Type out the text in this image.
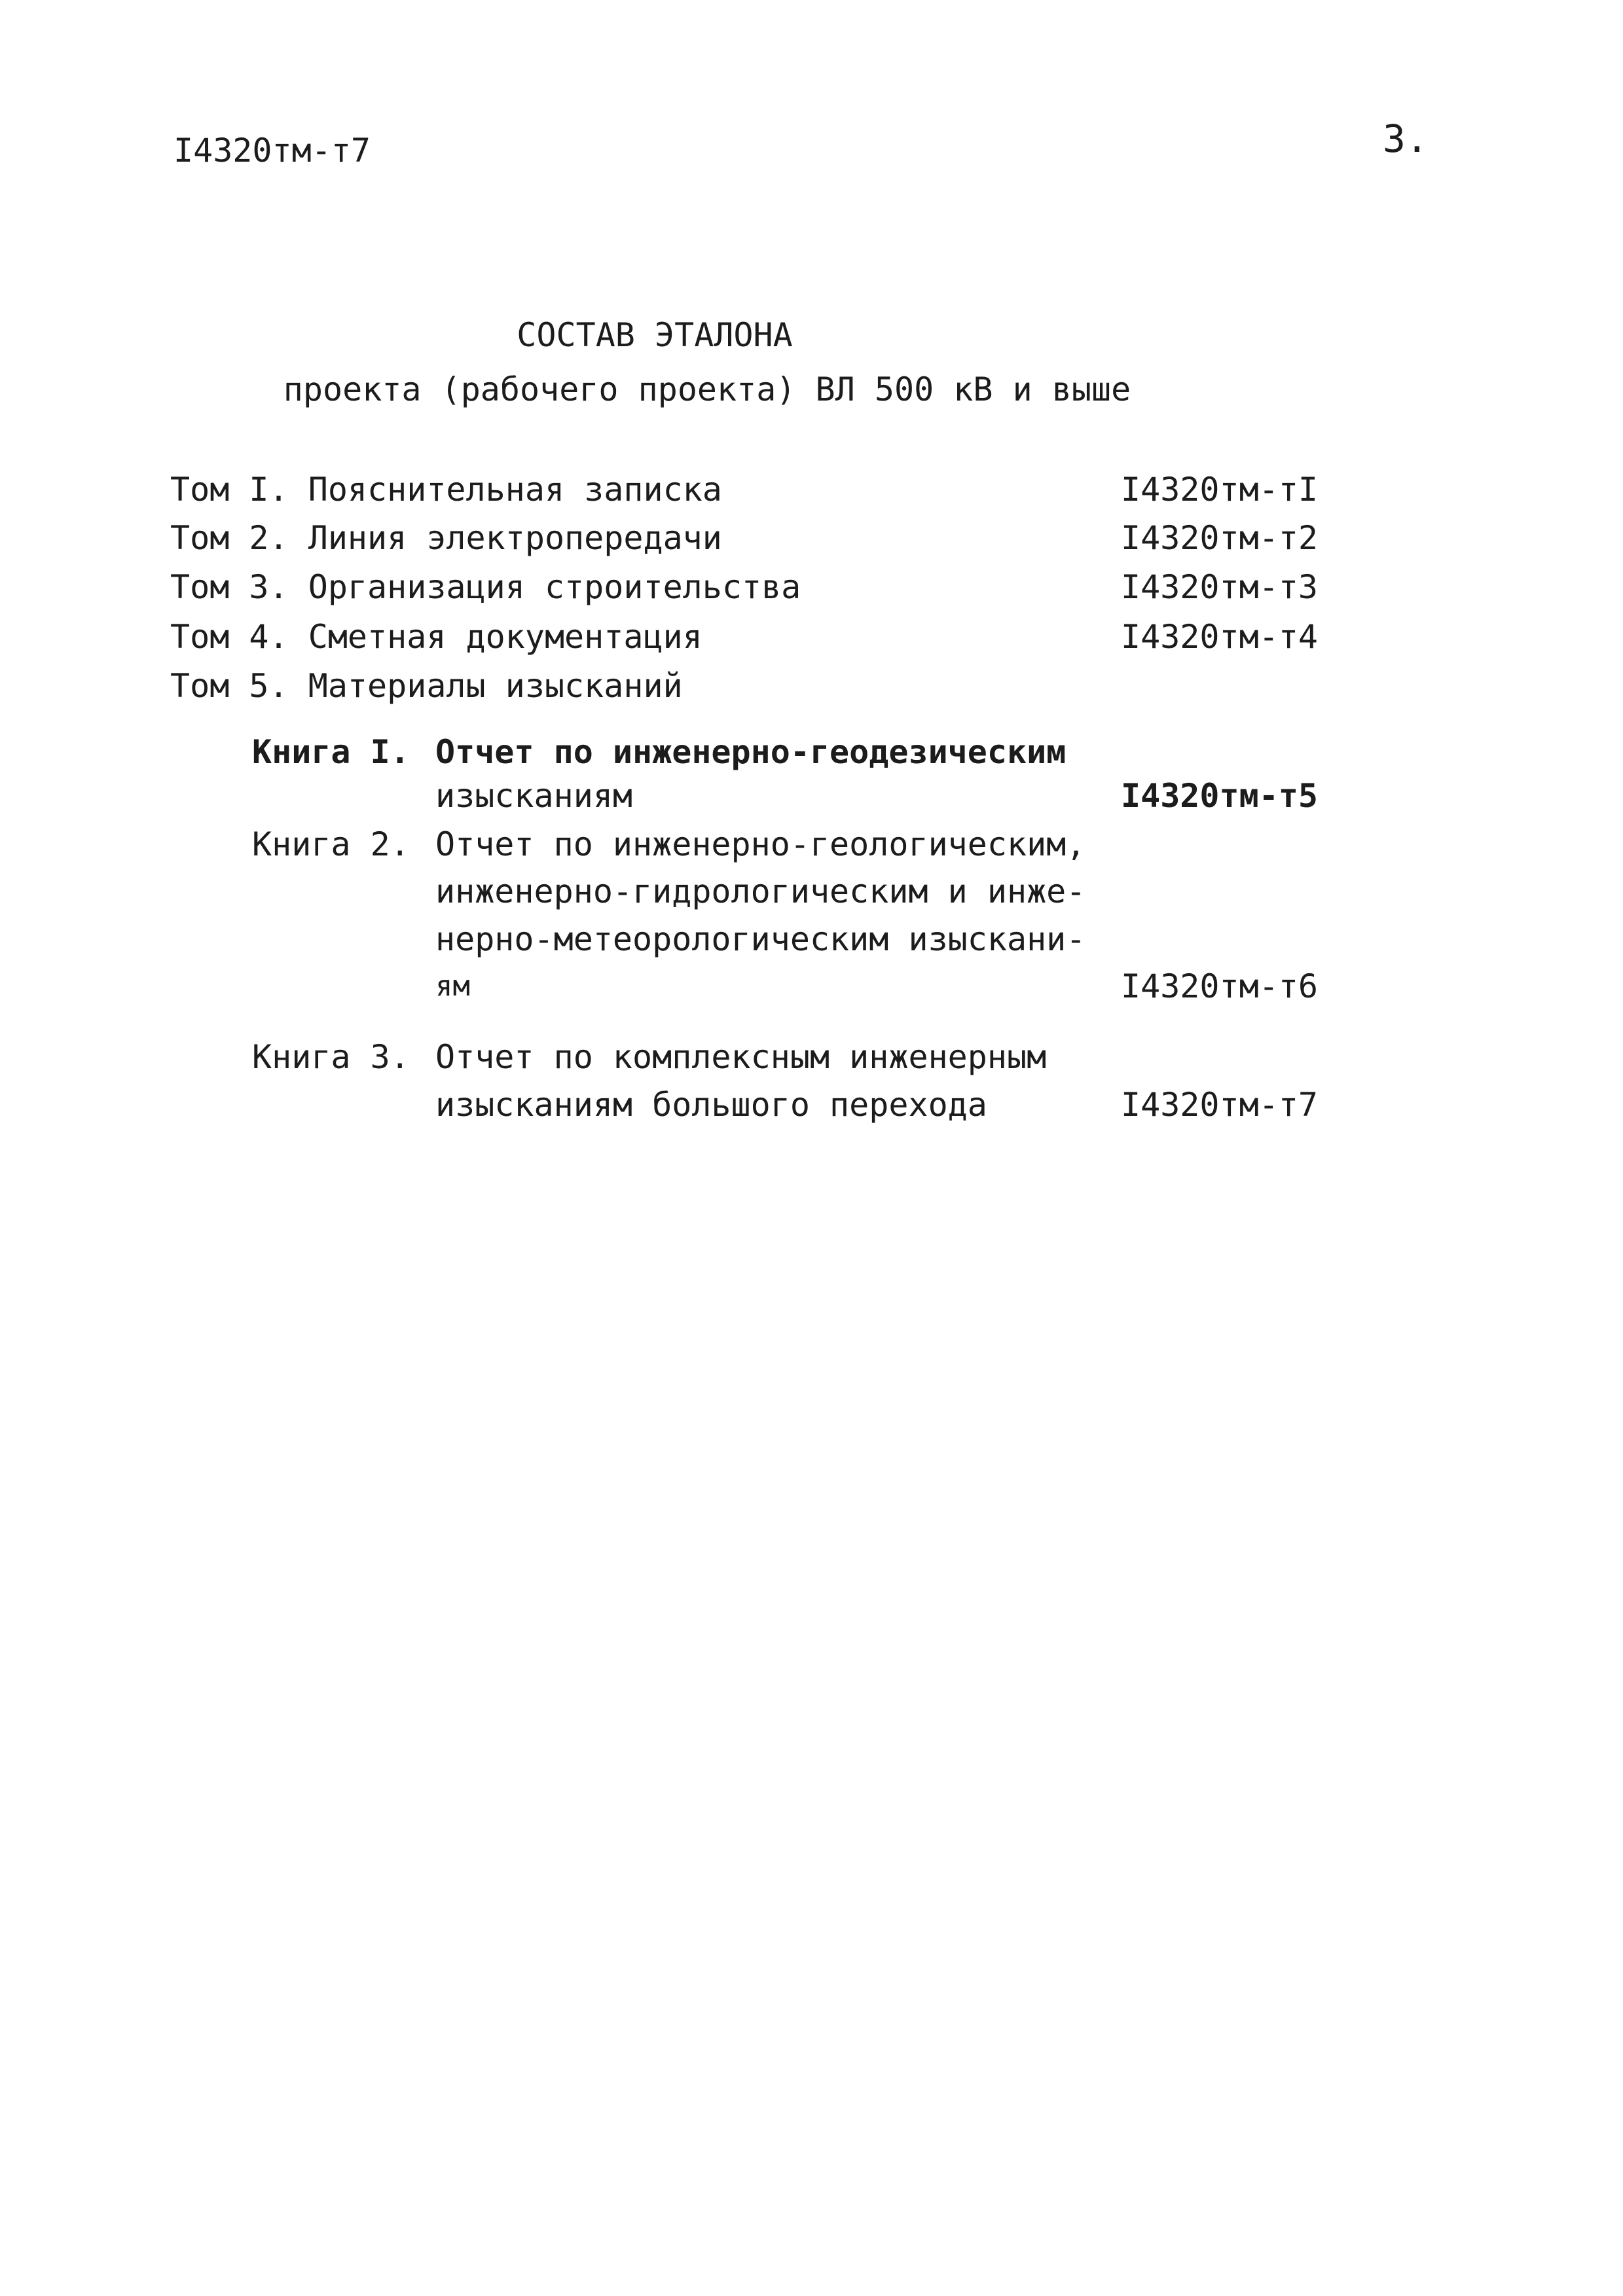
I4320тм-т7	3.
СОСТАВ ЭТАЛОНА
проекта (рабочего проекта) ВЛ 500 кВ и выше
Том I. Пояснительная записка	I4320тм-тI
Том 2. Линия электропередачи	I4320тм-т2
Том 3. Организация строительства	I4320тм-т3
Том 4. Сметная документация	I4320тм-т4
Том 5. Материалы изысканий
Книга I. Отчет по инженерно-геодезическим
изысканиям	I4320тм-т5
Книга 2. Отчет по инженерно-геологическим,
инженерно-гидрологическим и инже-
нерно-метеорологическим изыскани-
ям	I4320тм-т6
Книга 3. Отчет по комплексным инженерным
изысканиям большого перехода	I4320тм-т7
